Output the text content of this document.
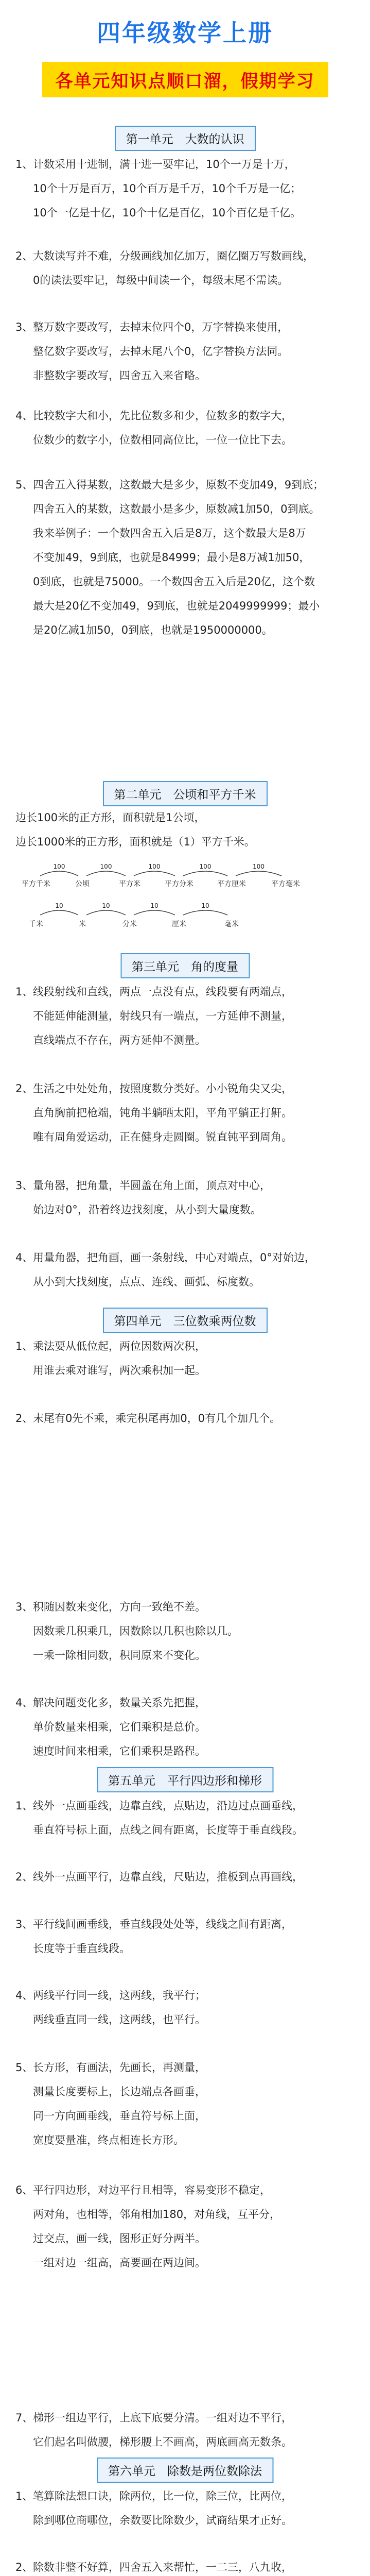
四年级数学上册
各单元知识点顺口溜，假期学习
第一单元　大数的认识
1、 计数采用十进制，满十进一要牢记，10个一万是十万，
10个十万是百万，10个百万是千万，10个千万是一亿；
10个一亿是十亿，10个十亿是百亿，10个百亿是千亿。
2、 大数读写并不难，分级画线加亿加万，圈亿圈万写数画线，
0的读法要牢记，每级中间读一个，每级末尾不需读。
3、 整万数字要改写，去掉末位四个0，万字替换来使用，
整亿数字要改写，去掉末尾八个0，亿字替换方法同。
非整数字要改写，四舍五入来省略。
4、 比较数字大和小，先比位数多和少，位数多的数字大，
位数少的数字小，位数相同高位比，一位一位比下去。
5、 四舍五入得某数，这数最大是多少，原数不变加49，9到底；
四舍五入的某数，这数最小是多少，原数减1加50，0到底。
我来举例子：一个数四舍五入后是8万，这个数最大是8万
不变加49，9到底，也就是84999；最小是8万减1加50，
0到底，也就是75000。一个数四舍五入后是20亿，这个数
最大是20亿不变加49，9到底，也就是2049999999；最小
是20亿减1加50，0到底，也就是1950000000。
第二单元　公顷和平方千米
边长100米的正方形，面积就是1公顷，
边长1000米的正方形，面积就是（1）平方千米。
平方千米	公顷	平方米	平方分米	平方厘米	平方毫米
100	100	100	100	100
千米	米	分米	厘米	毫米
10	10	10	10
第三单元　角的度量
1、 线段射线和直线，两点一点没有点，线段要有两端点，
不能延伸能测量，射线只有一端点，一方延伸不测量，
直线端点不存在，两方延伸不测量。
2、 生活之中处处角，按照度数分类好。小小锐角尖又尖，
直角胸前把枪端，钝角半躺晒太阳，平角平躺正打鼾。
唯有周角爱运动，正在健身走圆圈。锐直钝平到周角。
3、 量角器，把角量，半圆盖在角上面，顶点对中心，
始边对0°，沿着终边找刻度，从小到大量度数。
4、 用量角器，把角画，画一条射线，中心对端点，0°对始边，
从小到大找刻度，点点、连线、画弧、标度数。
第四单元　三位数乘两位数
1、 乘法要从低位起，两位因数两次积，
用谁去乘对谁写，两次乘积加一起。
2、 末尾有0先不乘，乘完积尾再加0，0有几个加几个。
3、 积随因数来变化，方向一致绝不差。
因数乘几积乘几，因数除以几积也除以几。
一乘一除相同数，积同原来不变化。
4、 解决问题变化多，数量关系先把握，
单价数量来相乘，它们乘积是总价。
速度时间来相乘，它们乘积是路程。
第五单元　平行四边形和梯形
1、 线外一点画垂线，边靠直线，点贴边，沿边过点画垂线，
垂直符号标上面，点线之间有距离，长度等于垂直线段。
2、 线外一点画平行，边靠直线，尺贴边，推板到点再画线，
3、 平行线间画垂线，垂直线段处处等，线线之间有距离，
长度等于垂直线段。
4、 两线平行同一线，这两线，我平行；
两线垂直同一线，这两线，也平行。
5、 长方形，有画法，先画长，再测量，
测量长度要标上，长边端点各画垂，
同一方向画垂线，垂直符号标上面，
宽度要量准，终点相连长方形。
6、 平行四边形，对边平行且相等，容易变形不稳定，
两对角，也相等，邻角相加180，对角线，互平分，
过交点，画一线，图形正好分两半。
一组对边一组高，高要画在两边间。
7、 梯形一组边平行，上底下底要分清。一组对边不平行，
它们起名叫做腰，梯形腰上不画高，两底画高无数条。
第六单元　除数是两位数除法
1、 笔算除法想口诀，除两位，比一位，除三位，比两位，
除到哪位商哪位，余数要比除数少，试商结果才正好。
2、 除数非整不好算，四舍五入来帮忙，一二三，八九收，
